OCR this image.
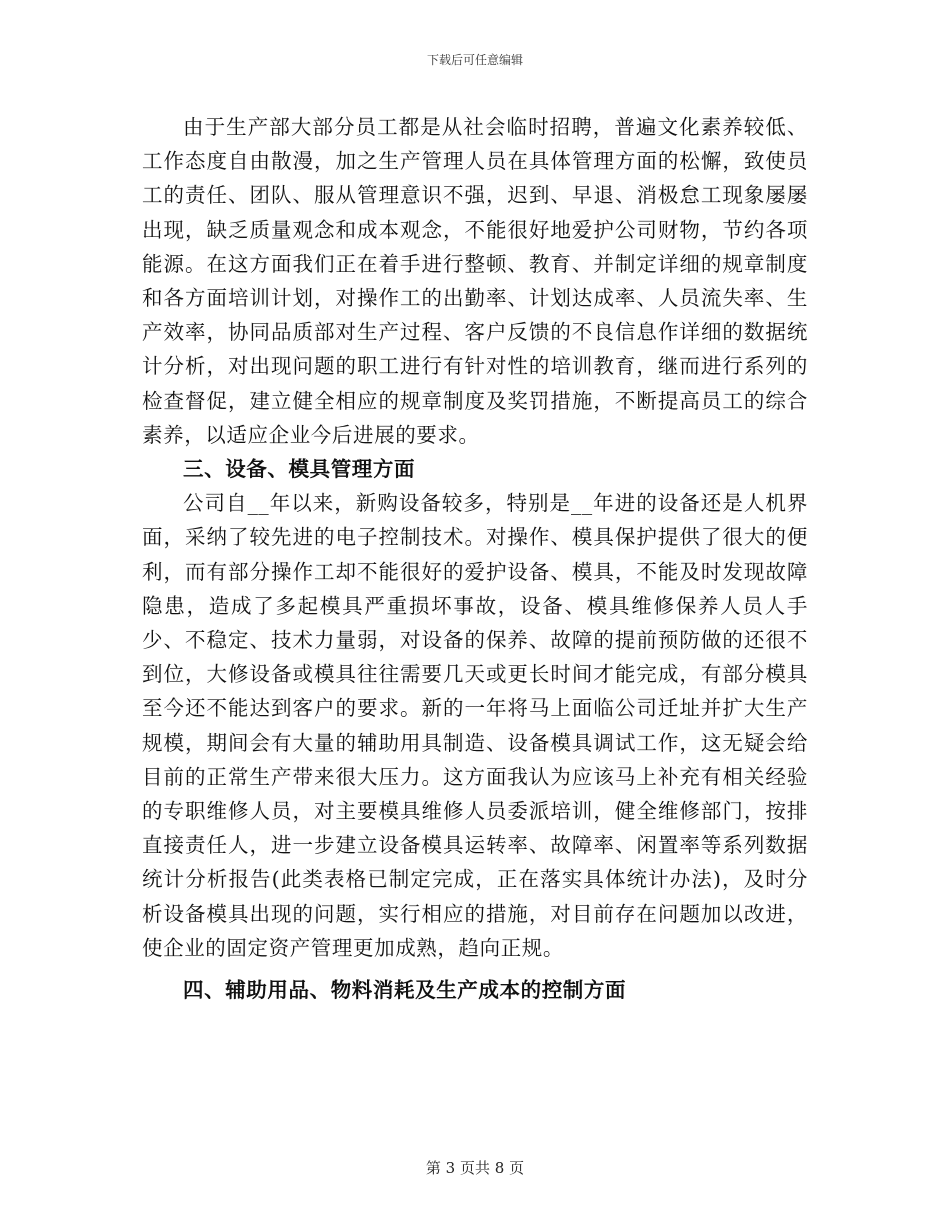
下载后可任意编辑

由于生产部大部分员工都是从社会临时招聘，普遍文化素养较低、工作态度自由散漫，加之生产管理人员在具体管理方面的松懈，致使员工的责任、团队、服从管理意识不强，迟到、早退、消极怠工现象屡屡出现，缺乏质量观念和成本观念，不能很好地爱护公司财物，节约各项能源。在这方面我们正在着手进行整顿、教育、并制定详细的规章制度和各方面培训计划，对操作工的出勤率、计划达成率、人员流失率、生产效率，协同品质部对生产过程、客户反馈的不良信息作详细的数据统计分析，对出现问题的职工进行有针对性的培训教育，继而进行系列的检查督促，建立健全相应的规章制度及奖罚措施，不断提高员工的综合素养，以适应企业今后进展的要求。

三、设备、模具管理方面

公司自__年以来，新购设备较多，特别是__年进的设备还是人机界面，采纳了较先进的电子控制技术。对操作、模具保护提供了很大的便利，而有部分操作工却不能很好的爱护设备、模具，不能及时发现故障隐患，造成了多起模具严重损坏事故，设备、模具维修保养人员人手少、不稳定、技术力量弱，对设备的保养、故障的提前预防做的还很不到位，大修设备或模具往往需要几天或更长时间才能完成，有部分模具至今还不能达到客户的要求。新的一年将马上面临公司迁址并扩大生产规模，期间会有大量的辅助用具制造、设备模具调试工作，这无疑会给目前的正常生产带来很大压力。这方面我认为应该马上补充有相关经验的专职维修人员，对主要模具维修人员委派培训，健全维修部门，按排直接责任人，进一步建立设备模具运转率、故障率、闲置率等系列数据统计分析报告(此类表格已制定完成，正在落实具体统计办法)，及时分析设备模具出现的问题，实行相应的措施，对目前存在问题加以改进，使企业的固定资产管理更加成熟，趋向正规。

四、辅助用品、物料消耗及生产成本的控制方面

第 3 页共 8 页
